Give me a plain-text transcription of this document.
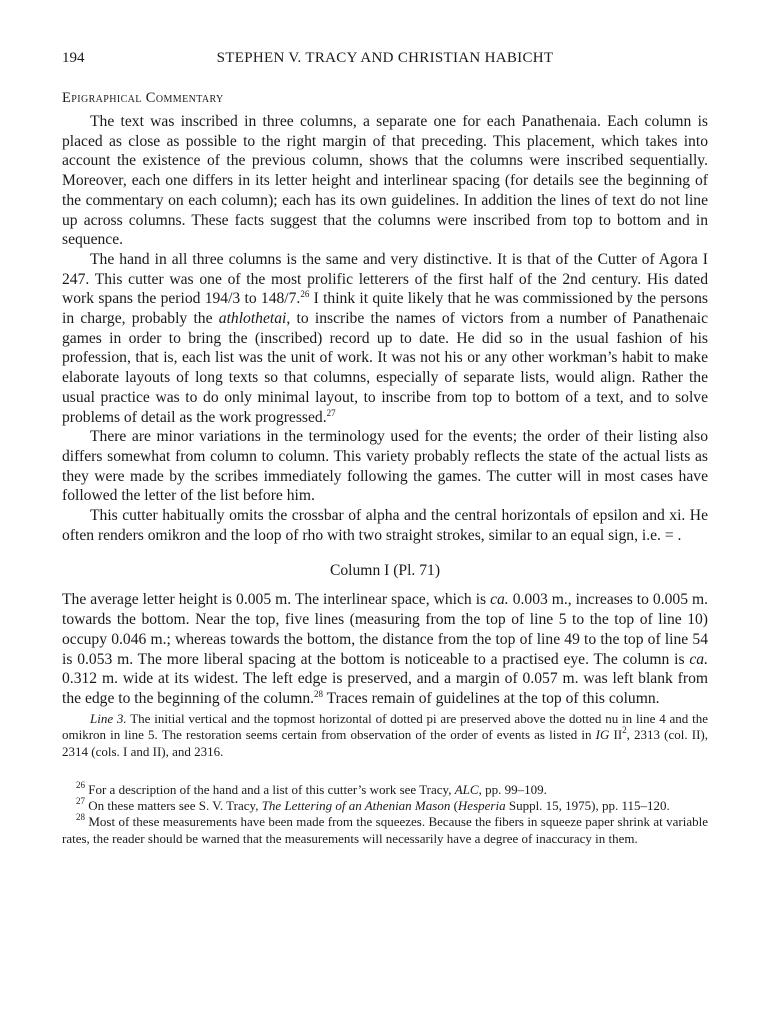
194	STEPHEN V. TRACY AND CHRISTIAN HABICHT
Epigraphical Commentary

The text was inscribed in three columns, a separate one for each Panathenaia. Each column is placed as close as possible to the right margin of that preceding. This placement, which takes into account the existence of the previous column, shows that the columns were inscribed sequentially. Moreover, each one differs in its letter height and interlinear spacing (for details see the beginning of the commentary on each column); each has its own guidelines. In addition the lines of text do not line up across columns. These facts suggest that the columns were inscribed from top to bottom and in sequence.

The hand in all three columns is the same and very distinctive. It is that of the Cutter of Agora I 247. This cutter was one of the most prolific letterers of the first half of the 2nd century. His dated work spans the period 194/3 to 148/7.26 I think it quite likely that he was commissioned by the persons in charge, probably the athlothetai, to inscribe the names of victors from a number of Panathenaic games in order to bring the (inscribed) record up to date. He did so in the usual fashion of his profession, that is, each list was the unit of work. It was not his or any other workman’s habit to make elaborate layouts of long texts so that columns, especially of separate lists, would align. Rather the usual practice was to do only minimal layout, to inscribe from top to bottom of a text, and to solve problems of detail as the work progressed.$^{27}$

There are minor variations in the terminology used for the events; the order of their listing also differs somewhat from column to column. This variety probably reflects the state of the actual lists as they were made by the scribes immediately following the games. The cutter will in most cases have followed the letter of the list before him.

This cutter habitually omits the crossbar of alpha and the central horizontals of epsilon and xi. He often renders omikron and the loop of rho with two straight strokes, similar to an equal sign, i.e. = .

Column I (Pl. 71)

The average letter height is 0.005 m. The interlinear space, which is ca. 0.003 m., increases to 0.005 m. towards the bottom. Near the top, five lines (measuring from the top of line 5 to the top of line 10) occupy 0.046 m.; whereas towards the bottom, the distance from the top of line 49 to the top of line 54 is 0.053 m. The more liberal spacing at the bottom is noticeable to a practised eye. The column is ca. 0.312 m. wide at its widest. The left edge is preserved, and a margin of 0.057 m. was left blank from the edge to the beginning of the column.$^{28}$ Traces remain of guidelines at the top of this column.

Line 3. The initial vertical and the topmost horizontal of dotted pi are preserved above the dotted nu in line 4 and the omikron in line 5. The restoration seems certain from observation of the order of events as listed in IG $II^2$, 2313 (col. II), 2314 (cols. I and II), and 2316.

$^{26}$ For a description of the hand and a list of this cutter’s work see Tracy, ALC, pp. 99–109.

$^{27}$ On these matters see S. V. Tracy, The Lettering of an Athenian Mason (Hesperia Suppl. 15, 1975), pp. 115–120.

$^{28}$ Most of these measurements have been made from the squeezes. Because the fibers in squeeze paper shrink at variable rates, the reader should be warned that the measurements will necessarily have a degree of inaccuracy in them.
